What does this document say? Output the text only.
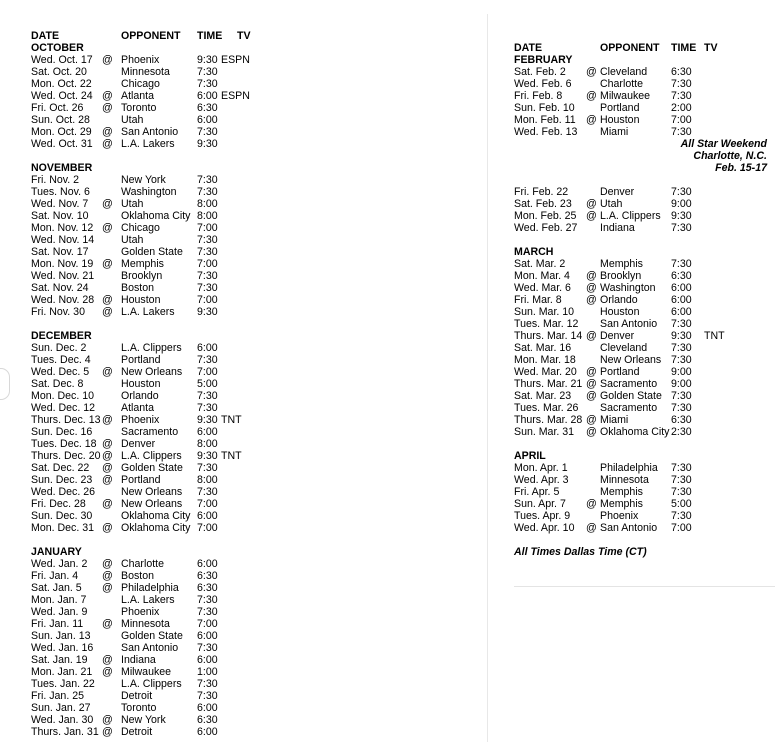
DATE	OPPONENT TIME TV
OCTOBER
Wed. Oct. 17 @ Phoenix	9:30 ESPN
Sat. Oct. 20	Minnesota	7:30
Mon. Oct. 22	Chicago	7:30
Wed. Oct. 24 @ Atlanta	6:00 ESPN
Fri. Oct. 26 @ Toronto	6:30
Sun. Oct. 28	Utah	6:00
Mon. Oct. 29 @ San Antonio 7:30
Wed. Oct. 31 @ L.A. Lakers 9:30
NOVEMBER
Fri. Nov. 2	New York	7:30
Tues. Nov. 6	Washington 7:30
Wed. Nov. 7 @ Utah	8:00
Sat. Nov. 10	Oklahoma City 8:00
Mon. Nov. 12 @ Chicago	7:00
Wed. Nov. 14	Utah	7:30
Sat. Nov. 17	Golden State 7:30
Mon. Nov. 19 @ Memphis	7:00
Wed. Nov. 21	Brooklyn	7:30
Sat. Nov. 24	Boston	7:30
Wed. Nov. 28 @ Houston	7:00
Fri. Nov. 30 @ L.A. Lakers 9:30
DECEMBER
Sun. Dec. 2	L.A. Clippers 6:00
Tues. Dec. 4	Portland	7:30
Wed. Dec. 5 @ New Orleans 7:00
Sat. Dec. 8	Houston	5:00
Mon. Dec. 10	Orlando	7:30
Wed. Dec. 12 Atlanta	7:30
Thurs. Dec. 13 @ Phoenix	9:30 TNT
Sun. Dec. 16	Sacramento 6:00
Tues. Dec. 18 @ Denver	8:00
Thurs. Dec. 20 @ L.A. Clippers 9:30 TNT
Sat. Dec. 22 @ Golden State 7:30
Sun. Dec. 23 @ Portland	8:00
Wed. Dec. 26 New Orleans 7:30
Fri. Dec. 28 @ New Orleans 7:00
Sun. Dec. 30	Oklahoma City 6:00
Mon. Dec. 31 @ Oklahoma City 7:00
JANUARY
Wed. Jan. 2 @ Charlotte	6:00
Fri. Jan. 4 @ Boston	6:30
Sat. Jan. 5 @ Philadelphia 6:30
Mon. Jan. 7	L.A. Lakers 7:30
Wed. Jan. 9	Phoenix	7:30
Fri. Jan. 11 @ Minnesota	7:00
Sun. Jan. 13	Golden State 6:00
Wed. Jan. 16	San Antonio 7:30
Sat. Jan. 19 @ Indiana	6:00
Mon. Jan. 21 @ Milwaukee 1:00
Tues. Jan. 22 L.A. Clippers 7:30
Fri. Jan. 25	Detroit	7:30
Sun. Jan. 27	Toronto	6:00
Wed. Jan. 30 @ New York	6:30
Thurs. Jan. 31 @ Detroit	6:00
DATE	OPPONENT TIME TV
FEBRUARY
Sat. Feb. 2 @ Cleveland 6:30
Wed. Feb. 6	Charlotte	7:30
Fri. Feb. 8 @ Milwaukee 7:30
Sun. Feb. 10 Portland	2:00
Mon. Feb. 11 @ Houston	7:00
Wed. Feb. 13 Miami	7:30
All Star Weekend
Charlotte, N.C.
Feb. 15-17
Fri. Feb. 22	Denver	7:30
Sat. Feb. 23 @ Utah	9:00
Mon. Feb. 25 @ L.A. Clippers 9:30
Wed. Feb. 27 Indiana	7:30
MARCH
Sat. Mar. 2	Memphis	7:30
Mon. Mar. 4 @ Brooklyn	6:30
Wed. Mar. 6 @ Washington 6:00
Fri. Mar. 8 @ Orlando	6:00
Sun. Mar. 10 Houston	6:00
Tues. Mar. 12 San Antonio 7:30
Thurs. Mar. 14 @ Denver	9:30 TNT
Sat. Mar. 16	Cleveland 7:30
Mon. Mar. 18 New Orleans 7:30
Wed. Mar. 20 @ Portland	9:00
Thurs. Mar. 21 @ Sacramento 9:00
Sat. Mar. 23 @ Golden State 7:30
Tues. Mar. 26 Sacramento 7:30
Thurs. Mar. 28 @ Miami	6:30
Sun. Mar. 31 @ Oklahoma City 2:30
APRIL
Mon. Apr. 1	Philadelphia 7:30
Wed. Apr. 3	Minnesota 7:30
Fri. Apr. 5	Memphis	7:30
Sun. Apr. 7 @ Memphis	5:00
Tues. Apr. 9	Phoenix	7:30
Wed. Apr. 10 @ San Antonio 7:00
All Times Dallas Time (CT)
